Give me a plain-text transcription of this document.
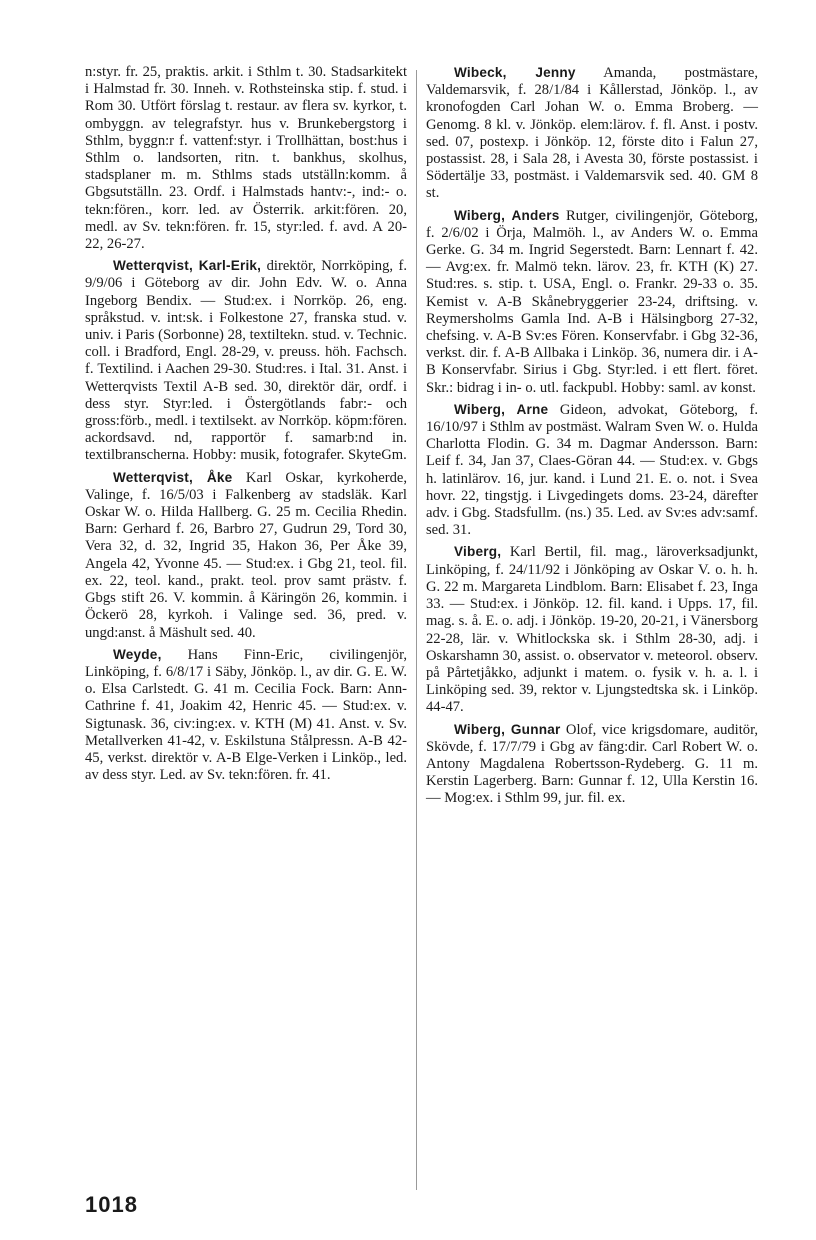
n:styr. fr. 25, praktis. arkit. i Sthlm t. 30. Stadsarkitekt i Halmstad fr. 30. Inneh. v. Rothsteinska stip. f. stud. i Rom 30. Utfört förslag t. restaur. av flera sv. kyrkor, t. ombyggn. av telegrafstyr. hus v. Brunkebergstorg i Sthlm, byggn:r f. vattenf:styr. i Trollhättan, bost:hus i Sthlm o. landsorten, ritn. t. bankhus, skolhus, stadsplaner m. m. Sthlms stads utställn:komm. å Gbgsutställn. 23. Ordf. i Halmstads hantv:-, ind:- o. tekn:fören., korr. led. av Österrik. arkit:fören. 20, medl. av Sv. tekn:fören. fr. 15, styr:led. f. avd. A 20-22, 26-27.

Wetterqvist, Karl-Erik, direktör, Norrköping, f. 9/9/06 i Göteborg av dir. John Edv. W. o. Anna Ingeborg Bendix. — Stud:ex. i Norrköp. 26, eng. språkstud. v. int:sk. i Folkestone 27, franska stud. v. univ. i Paris (Sorbonne) 28, textiltekn. stud. v. Technic. coll. i Bradford, Engl. 28-29, v. preuss. höh. Fachsch. f. Textilind. i Aachen 29-30. Stud:res. i Ital. 31. Anst. i Wetterqvists Textil A-B sed. 30, direktör där, ordf. i dess styr. Styr:led. i Östergötlands fabr:- och gross:förb., medl. i textilsekt. av Norrköp. köpm:fören. ackordsavd. nd, rapportör f. samarb:nd in. textilbranscherna. Hobby: musik, fotografer. SkyteGm.

Wetterqvist, Åke Karl Oskar, kyrkoherde, Valinge, f. 16/5/03 i Falkenberg av stadsläk. Karl Oskar W. o. Hilda Hallberg. G. 25 m. Cecilia Rhedin. Barn: Gerhard f. 26, Barbro 27, Gudrun 29, Tord 30, Vera 32, d. 32, Ingrid 35, Hakon 36, Per Åke 39, Angela 42, Yvonne 45. — Stud:ex. i Gbg 21, teol. fil. ex. 22, teol. kand., prakt. teol. prov samt prästv. f. Gbgs stift 26. V. kommin. å Käringön 26, kommin. i Öckerö 28, kyrkoh. i Valinge sed. 36, pred. v. ungd:anst. å Mäshult sed. 40.

Weyde, Hans Finn-Eric, civilingenjör, Linköping, f. 6/8/17 i Säby, Jönköp. l., av dir. G. E. W. o. Elsa Carlstedt. G. 41 m. Cecilia Fock. Barn: Ann-Cathrine f. 41, Joakim 42, Henric 45. — Stud:ex. v. Sigtunask. 36, civ:ing:ex. v. KTH (M) 41. Anst. v. Sv. Metallverken 41-42, v. Eskilstuna Stålpressn. A-B 42-45, verkst. direktör v. A-B Elge-Verken i Linköp., led. av dess styr. Led. av Sv. tekn:fören. fr. 41.

Wibeck, Jenny Amanda, postmästare, Valdemarsvik, f. 28/1/84 i Kållerstad, Jönköp. l., av kronofogden Carl Johan W. o. Emma Broberg. — Genomg. 8 kl. v. Jönköp. elem:lärov. f. fl. Anst. i postv. sed. 07, postexp. i Jönköp. 12, förste dito i Falun 27, postassist. 28, i Sala 28, i Avesta 30, förste postassist. i Södertälje 33, postmäst. i Valdemarsvik sed. 40. GM 8 st.

Wiberg, Anders Rutger, civilingenjör, Göteborg, f. 2/6/02 i Örja, Malmöh. l., av Anders W. o. Emma Gerke. G. 34 m. Ingrid Segerstedt. Barn: Lennart f. 42. — Avg:ex. fr. Malmö tekn. lärov. 23, fr. KTH (K) 27. Stud:res. s. stip. t. USA, Engl. o. Frankr. 29-33 o. 35. Kemist v. A-B Skånebryggerier 23-24, driftsing. v. Reymersholms Gamla Ind. A-B i Hälsingborg 27-32, chefsing. v. A-B Sv:es Fören. Konservfabr. i Gbg 32-36, verkst. dir. f. A-B Allbaka i Linköp. 36, numera dir. i A-B Konservfabr. Sirius i Gbg. Styr:led. i ett flert. föret. Skr.: bidrag i in- o. utl. fackpubl. Hobby: saml. av konst.

Wiberg, Arne Gideon, advokat, Göteborg, f. 16/10/97 i Sthlm av postmäst. Walram Sven W. o. Hulda Charlotta Flodin. G. 34 m. Dagmar Andersson. Barn: Leif f. 34, Jan 37, Claes-Göran 44. — Stud:ex. v. Gbgs h. latinlärov. 16, jur. kand. i Lund 21. E. o. not. i Svea hovr. 22, tingstjg. i Livgedingets doms. 23-24, därefter adv. i Gbg. Stadsfullm. (ns.) 35. Led. av Sv:es adv:samf. sed. 31.

Viberg, Karl Bertil, fil. mag., läroverksadjunkt, Linköping, f. 24/11/92 i Jönköping av Oskar V. o. h. h. G. 22 m. Margareta Lindblom. Barn: Elisabet f. 23, Inga 33. — Stud:ex. i Jönköp. 12. fil. kand. i Upps. 17, fil. mag. s. å. E. o. adj. i Jönköp. 19-20, 20-21, i Vänersborg 22-28, lär. v. Whitlockska sk. i Sthlm 28-30, adj. i Oskarshamn 30, assist. o. observator v. meteorol. observ. på Pårtetjåkko, adjunkt i matem. o. fysik v. h. a. l. i Linköping sed. 39, rektor v. Ljungstedtska sk. i Linköp. 44-47.

Wiberg, Gunnar Olof, vice krigsdomare, auditör, Skövde, f. 17/7/79 i Gbg av fäng:dir. Carl Robert W. o. Antony Magdalena Robertsson-Rydeberg. G. 11 m. Kerstin Lagerberg. Barn: Gunnar f. 12, Ulla Kerstin 16. — Mog:ex. i Sthlm 99, jur. fil. ex.

1018
